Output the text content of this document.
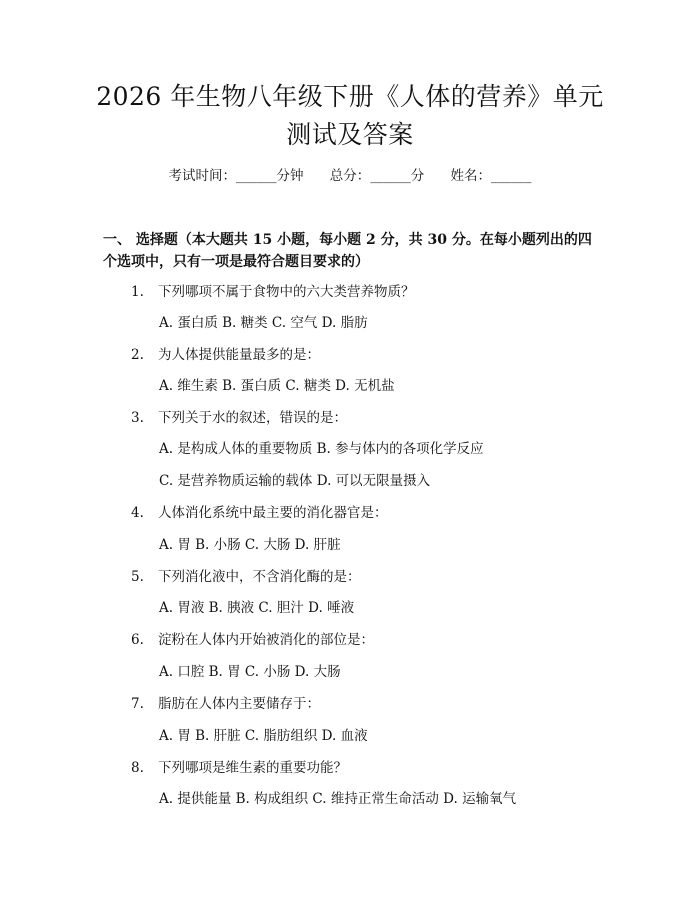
2026 年生物八年级下册《人体的营养》单元
测试及答案
考试时间：______分钟 总分：______分 姓名：______
一、 选择题（本大题共 15 小题，每小题 2 分，共 30 分。在每小题列出的四个选项中，只有一项是最符合题目要求的）
1. 下列哪项不属于食物中的六大类营养物质？
A. 蛋白质 B. 糖类 C. 空气 D. 脂肪
2. 为人体提供能量最多的是：
A. 维生素 B. 蛋白质 C. 糖类 D. 无机盐
3. 下列关于水的叙述，错误的是：
A. 是构成人体的重要物质 B. 参与体内的各项化学反应
C. 是营养物质运输的载体 D. 可以无限量摄入
4. 人体消化系统中最主要的消化器官是：
A. 胃 B. 小肠 C. 大肠 D. 肝脏
5. 下列消化液中，不含消化酶的是：
A. 胃液 B. 胰液 C. 胆汁 D. 唾液
6. 淀粉在人体内开始被消化的部位是：
A. 口腔 B. 胃 C. 小肠 D. 大肠
7. 脂肪在人体内主要储存于：
A. 胃 B. 肝脏 C. 脂肪组织 D. 血液
8. 下列哪项是维生素的重要功能？
A. 提供能量 B. 构成组织 C. 维持正常生命活动 D. 运输氧气
